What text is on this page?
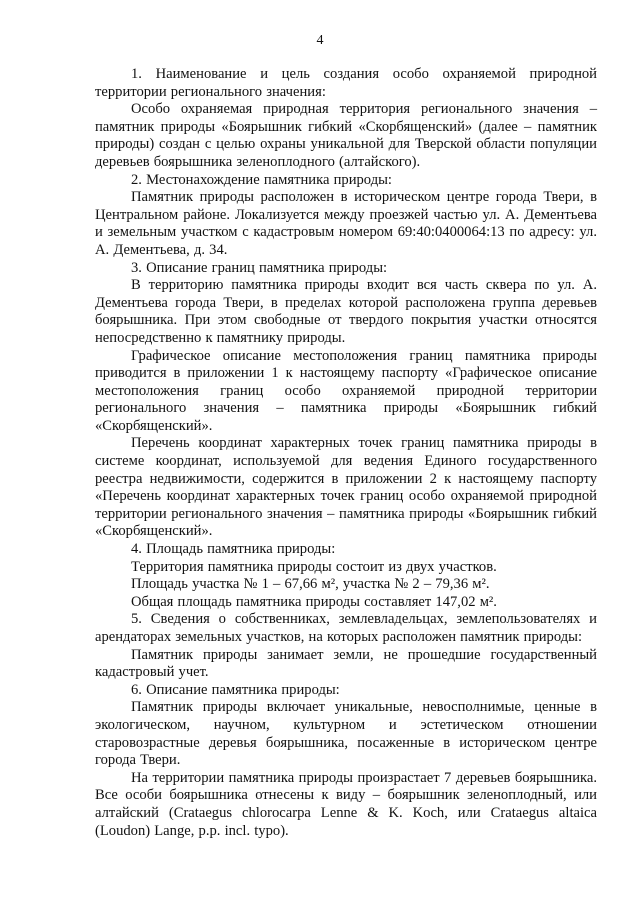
4

1. Наименование и цель создания особо охраняемой природной территории регионального значения:

Особо охраняемая природная территория регионального значения – памятник природы «Боярышник гибкий «Скорбященский» (далее – памятник природы) создан с целью охраны уникальной для Тверской области популяции деревьев боярышника зеленоплодного (алтайского).

2. Местонахождение памятника природы:

Памятник природы расположен в историческом центре города Твери, в Центральном районе. Локализуется между проезжей частью ул. А. Дементьева и земельным участком с кадастровым номером 69:40:0400064:13 по адресу: ул. А. Дементьева, д. 34.

3. Описание границ памятника природы:

В территорию памятника природы входит вся часть сквера по ул. А. Дементьева города Твери, в пределах которой расположена группа деревьев боярышника. При этом свободные от твердого покрытия участки относятся непосредственно к памятнику природы.

Графическое описание местоположения границ памятника природы приводится в приложении 1 к настоящему паспорту «Графическое описание местоположения границ особо охраняемой природной территории регионального значения – памятника природы «Боярышник гибкий «Скорбященский».

Перечень координат характерных точек границ памятника природы в системе координат, используемой для ведения Единого государственного реестра недвижимости, содержится в приложении 2 к настоящему паспорту «Перечень координат характерных точек границ особо охраняемой природной территории регионального значения – памятника природы «Боярышник гибкий «Скорбященский».

4. Площадь памятника природы:

Территория памятника природы состоит из двух участков.

Площадь участка № 1 – 67,66 м², участка № 2 – 79,36 м².

Общая площадь памятника природы составляет 147,02 м².

5. Сведения о собственниках, землевладельцах, землепользователях и арендаторах земельных участков, на которых расположен памятник природы:

Памятник природы занимает земли, не прошедшие государственный кадастровый учет.

6. Описание памятника природы:

Памятник природы включает уникальные, невосполнимые, ценные в экологическом, научном, культурном и эстетическом отношении старовозрастные деревья боярышника, посаженные в историческом центре города Твери.

На территории памятника природы произрастает 7 деревьев боярышника. Все особи боярышника отнесены к виду – боярышник зеленоплодный, или алтайский (Crataegus chlorocarpa Lenne & K. Koch, или Crataegus altaica (Loudon) Lange, p.p. incl. typo).
